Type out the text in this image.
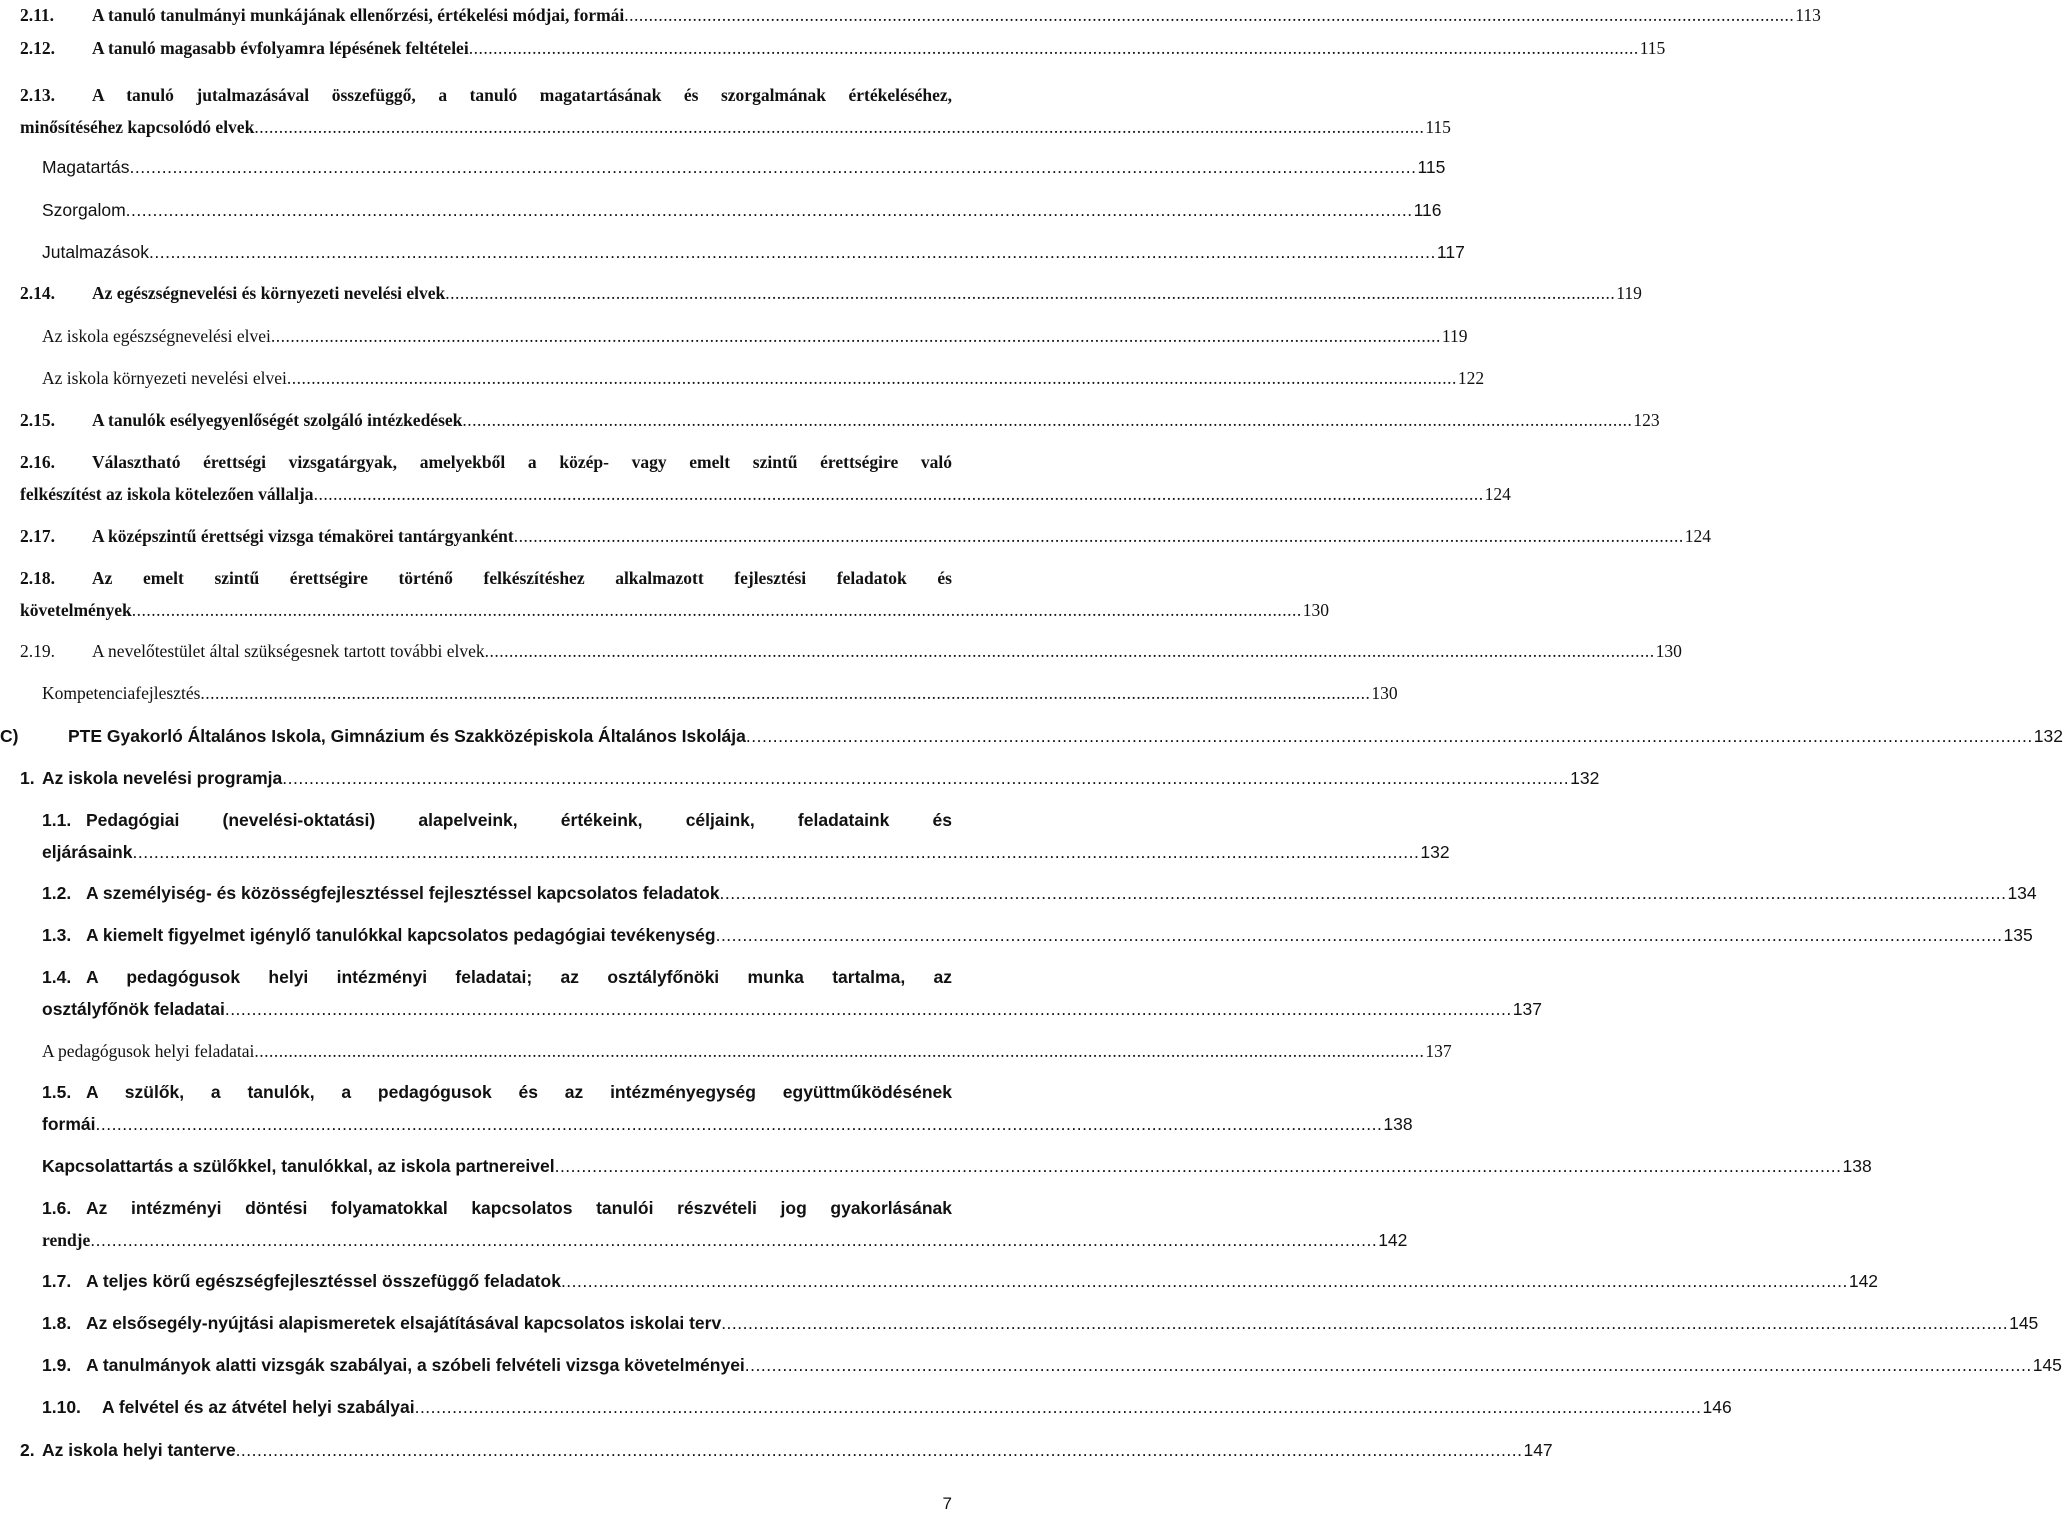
2.11.	A tanuló tanulmányi munkájának ellenőrzési, értékelési módjai, formái .....	113
2.12.	A tanuló magasabb évfolyamra lépésének feltételei .....	115
2.13. A tanuló jutalmazásával összefüggő, a tanuló magatartásának és szorgalmának értékeléséhez,
minősítéséhez kapcsolódó elvek .....	115
Magatartás .....	115
Szorgalom .....	116
Jutalmazások .....	117
2.14.	Az egészségnevelési és környezeti nevelési elvek .....	119
Az iskola egészségnevelési elvei .....	119
Az iskola környezeti nevelési elvei .....	122
2.15.	A tanulók esélyegyenlőségét szolgáló intézkedések .....	123
2.16. Választható érettségi vizsgatárgyak, amelyekből a közép- vagy emelt szintű érettségire való
felkészítést az iskola kötelezően vállalja .....	124
2.17.	A középszintű érettségi vizsga témakörei tantárgyanként .....	124
2.18. Az emelt szintű érettségire történő felkészítéshez alkalmazott fejlesztési feladatok és
követelmények .....	130
2.19.	A nevelőtestület által szükségesnek tartott további elvek .....	130
Kompetenciafejlesztés .....	130
C)	PTE Gyakorló Általános Iskola, Gimnázium és Szakközépiskola Általános Iskolája .....	132
1. Az iskola nevelési programja .....	132
1.1. Pedagógiai (nevelési-oktatási) alapelveink, értékeink, céljaink, feladataink és
eljárásaink .....	132
1.2. A személyiség- és közösségfejlesztéssel fejlesztéssel kapcsolatos feladatok .....	134
1.3. A kiemelt figyelmet igénylő tanulókkal kapcsolatos pedagógiai tevékenység .....	135
1.4. A pedagógusok helyi intézményi feladatai; az osztályfőnöki munka tartalma, az
osztályfőnök feladatai .....	137
A pedagógusok helyi feladatai .....	137
1.5. A szülők, a tanulók, a pedagógusok és az intézményegység együttműködésének
formái .....	138
Kapcsolattartás a szülőkkel, tanulókkal, az iskola partnereivel .....	138
1.6. Az intézményi döntési folyamatokkal kapcsolatos tanulói részvételi jog gyakorlásának
rendje .....	142
1.7. A teljes körű egészségfejlesztéssel összefüggő feladatok .....	142
1.8. Az elsősegély-nyújtási alapismeretek elsajátításával kapcsolatos iskolai terv .....	145
1.9. A tanulmányok alatti vizsgák szabályai, a szóbeli felvételi vizsga követelményei .....	145
1.10.	A felvétel és az átvétel helyi szabályai .....	146
2. Az iskola helyi tanterve .....	147
7
